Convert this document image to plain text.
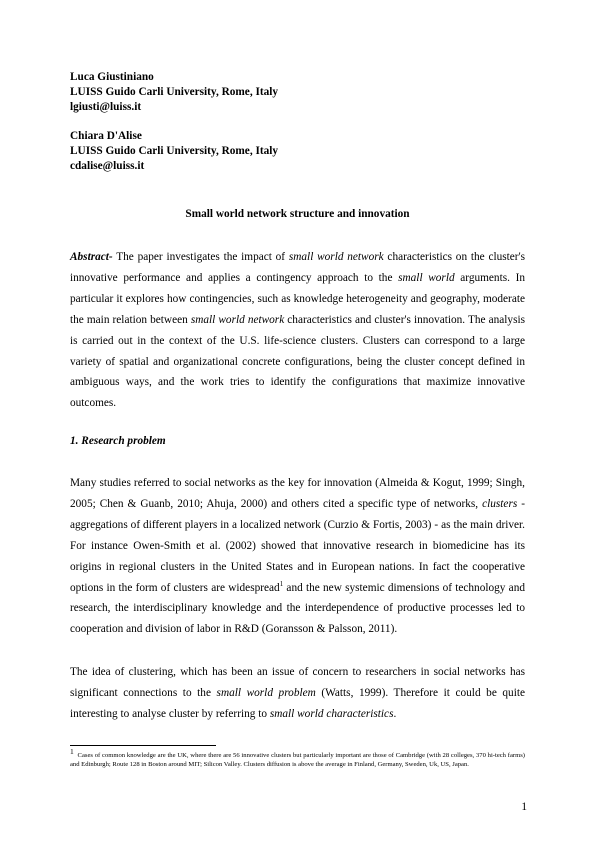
Luca Giustiniano
LUISS Guido Carli University, Rome, Italy
lgiusti@luiss.it
Chiara D'Alise
LUISS Guido Carli University, Rome, Italy
cdalise@luiss.it
Small world network structure and innovation

Abstract- The paper investigates the impact of small world network characteristics on the cluster's innovative performance and applies a contingency approach to the small world arguments. In particular it explores how contingencies, such as knowledge heterogeneity and geography, moderate the main relation between small world network characteristics and cluster's innovation. The analysis is carried out in the context of the U.S. life-science clusters. Clusters can correspond to a large variety of spatial and organizational concrete configurations, being the cluster concept defined in ambiguous ways, and the work tries to identify the configurations that maximize innovative outcomes.

1. Research problem

Many studies referred to social networks as the key for innovation (Almeida & Kogut, 1999; Singh, 2005; Chen & Guanb, 2010; Ahuja, 2000) and others cited a specific type of networks, clusters - aggregations of different players in a localized network (Curzio & Fortis, 2003) - as the main driver. For instance Owen-Smith et al. (2002) showed that innovative research in biomedicine has its origins in regional clusters in the United States and in European nations. In fact the cooperative options in the form of clusters are widespread$^1$ and the new systemic dimensions of technology and research, the interdisciplinary knowledge and the interdependence of productive processes led to cooperation and division of labor in R&D (Goransson & Palsson, 2011).

The idea of clustering, which has been an issue of concern to researchers in social networks has significant connections to the small world problem (Watts, 1999). Therefore it could be quite interesting to analyse cluster by referring to small world characteristics.

$^1$ Cases of common knowledge are the UK, where there are 56 innovative clusters but particularly important are those of Cambridge (with 28 colleges, 370 hi-tech farms) and Edinburgh; Route 128 in Boston around MIT; Silicon Valley. Clusters diffusion is above the average in Finland, Germany, Sweden, Uk, US, Japan.

1
